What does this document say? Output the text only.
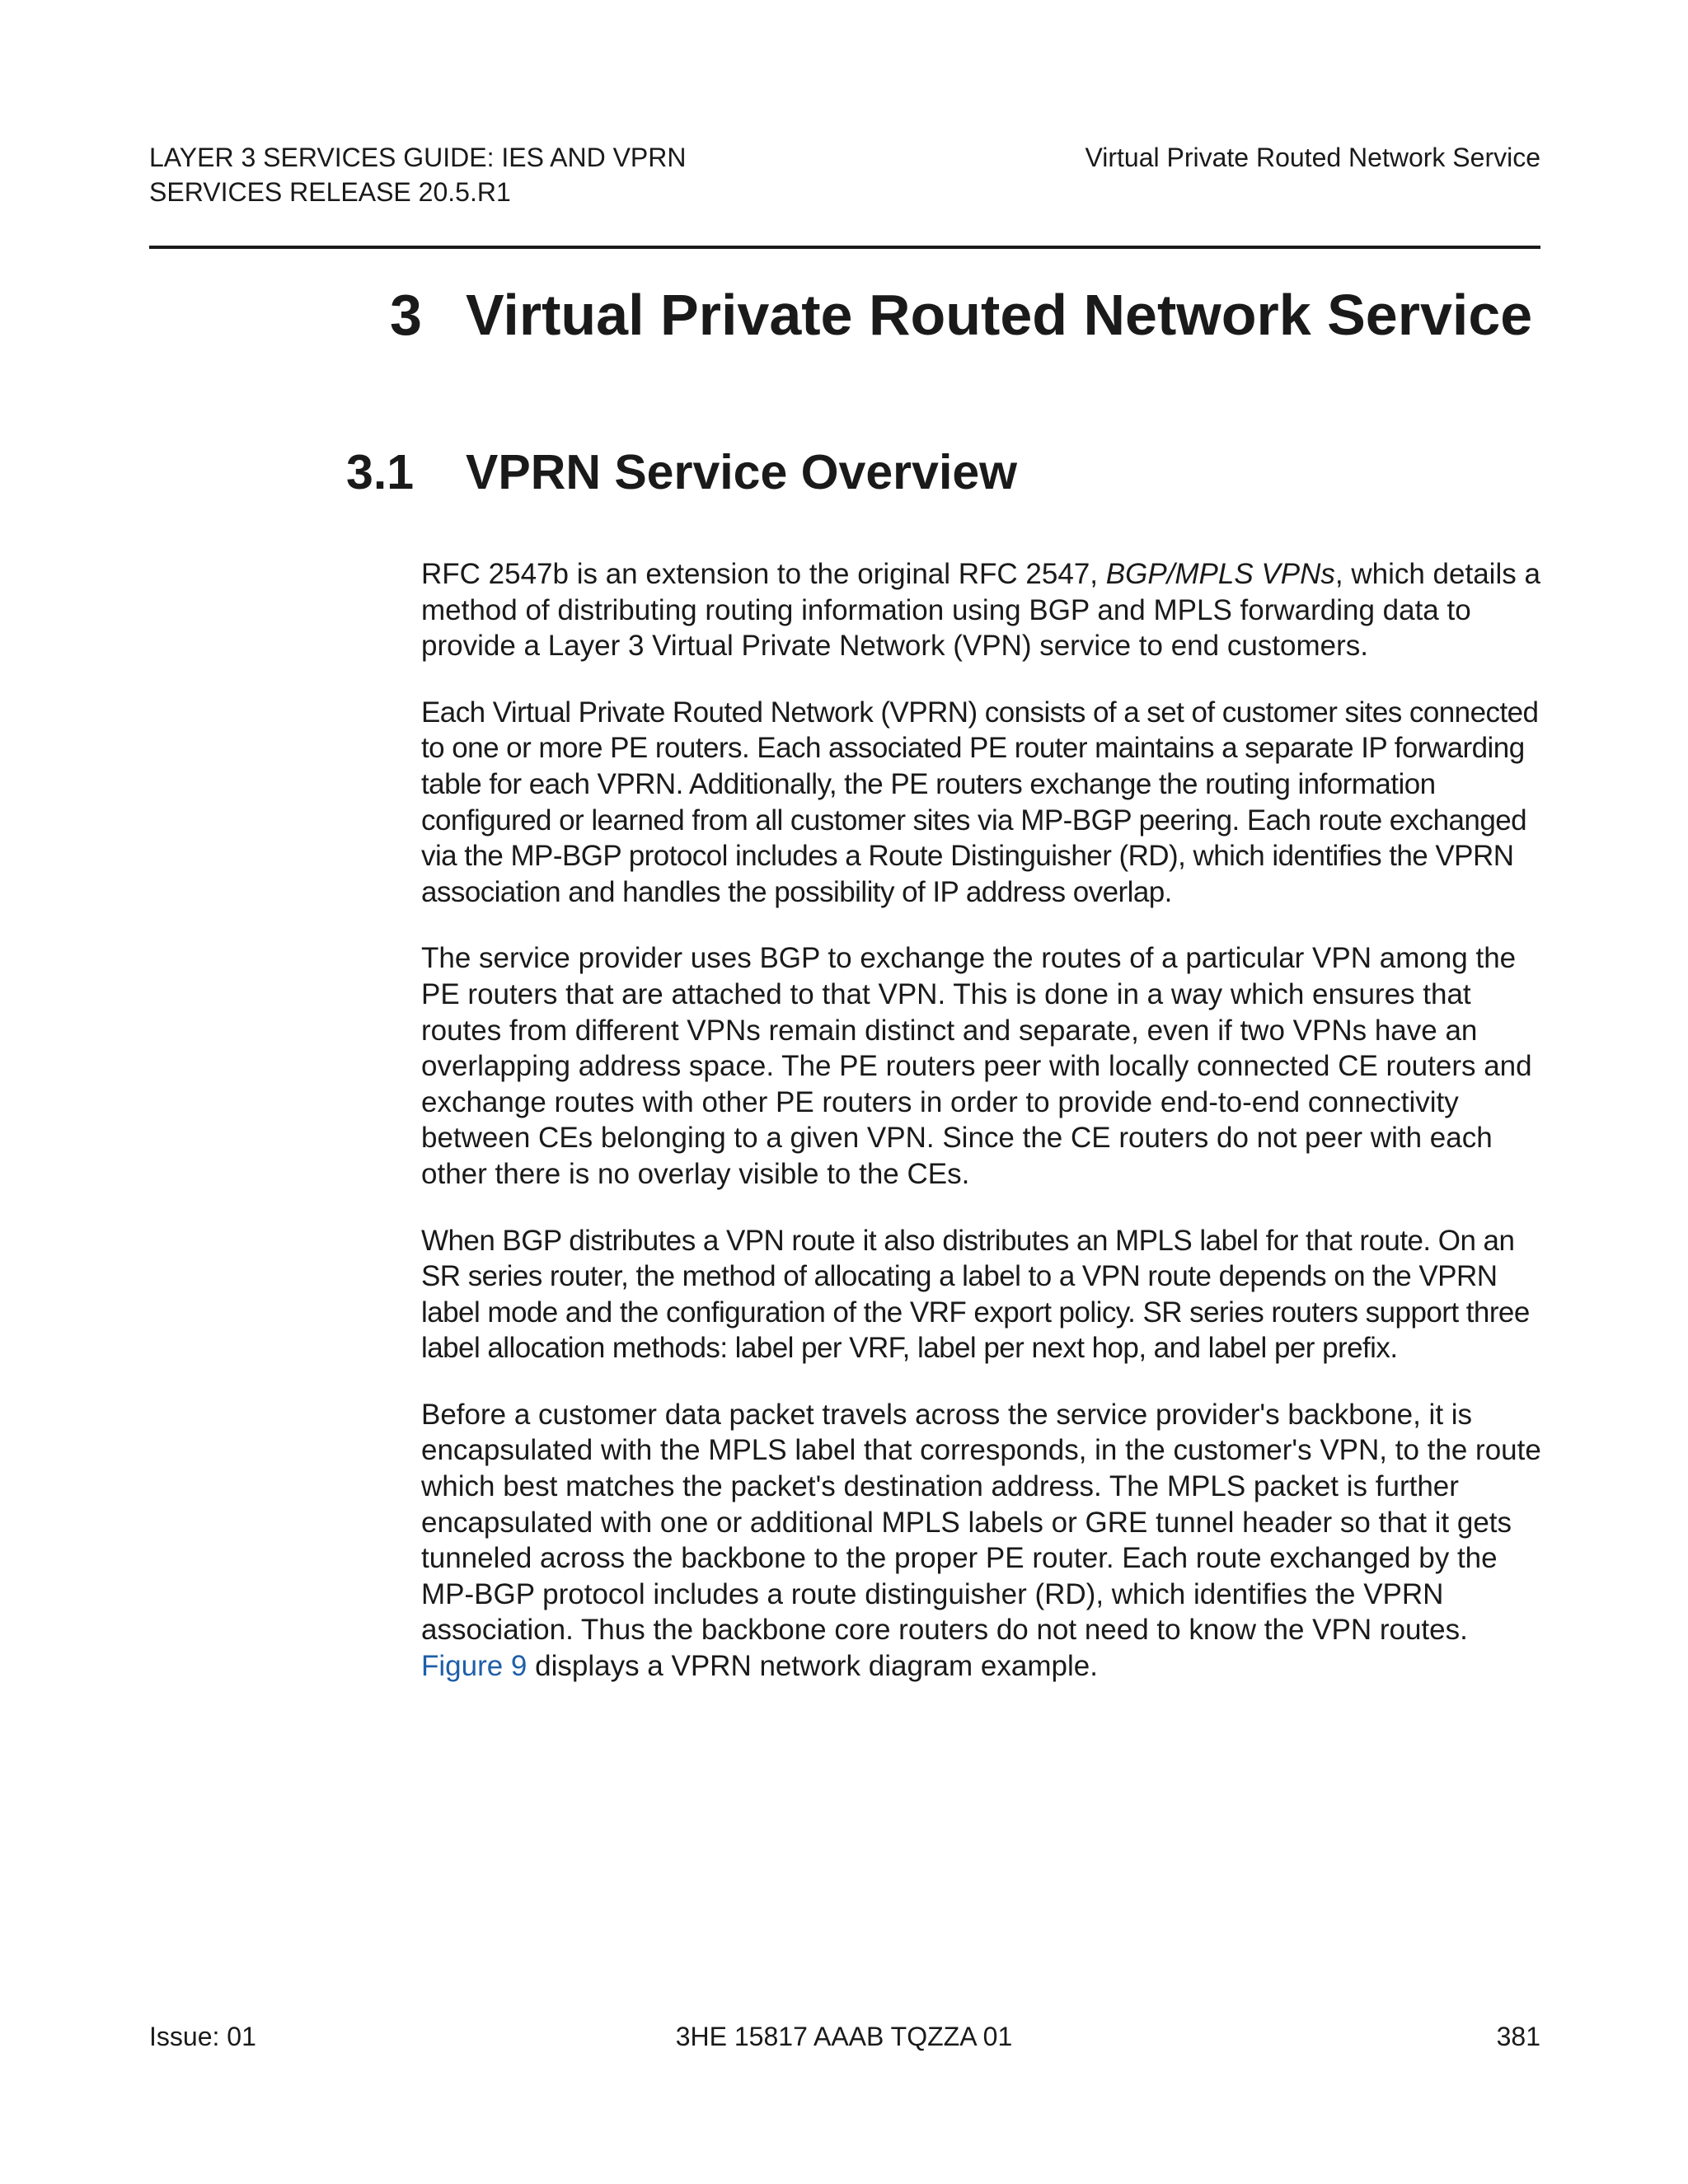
LAYER 3 SERVICES GUIDE: IES AND VPRN
SERVICES RELEASE 20.5.R1
Virtual Private Routed Network Service
3 Virtual Private Routed Network Service
3.1 VPRN Service Overview

RFC 2547b is an extension to the original RFC 2547, BGP/MPLS VPNs, which details a method of distributing routing information using BGP and MPLS forwarding data to provide a Layer 3 Virtual Private Network (VPN) service to end customers.

Each Virtual Private Routed Network (VPRN) consists of a set of customer sites connected to one or more PE routers. Each associated PE router maintains a separate IP forwarding table for each VPRN. Additionally, the PE routers exchange the routing information configured or learned from all customer sites via MP-BGP peering. Each route exchanged via the MP-BGP protocol includes a Route Distinguisher (RD), which identifies the VPRN association and handles the possibility of IP address overlap.

The service provider uses BGP to exchange the routes of a particular VPN among the PE routers that are attached to that VPN. This is done in a way which ensures that routes from different VPNs remain distinct and separate, even if two VPNs have an overlapping address space. The PE routers peer with locally connected CE routers and exchange routes with other PE routers in order to provide end-to-end connectivity between CEs belonging to a given VPN. Since the CE routers do not peer with each other there is no overlay visible to the CEs.

When BGP distributes a VPN route it also distributes an MPLS label for that route. On an SR series router, the method of allocating a label to a VPN route depends on the VPRN label mode and the configuration of the VRF export policy. SR series routers support three label allocation methods: label per VRF, label per next hop, and label per prefix.

Before a customer data packet travels across the service provider's backbone, it is encapsulated with the MPLS label that corresponds, in the customer's VPN, to the route which best matches the packet's destination address. The MPLS packet is further encapsulated with one or additional MPLS labels or GRE tunnel header so that it gets tunneled across the backbone to the proper PE router. Each route exchanged by the MP-BGP protocol includes a route distinguisher (RD), which identifies the VPRN association. Thus the backbone core routers do not need to know the VPN routes. Figure 9 displays a VPRN network diagram example.

Issue: 01	3HE 15817 AAAB TQZZA 01	381
